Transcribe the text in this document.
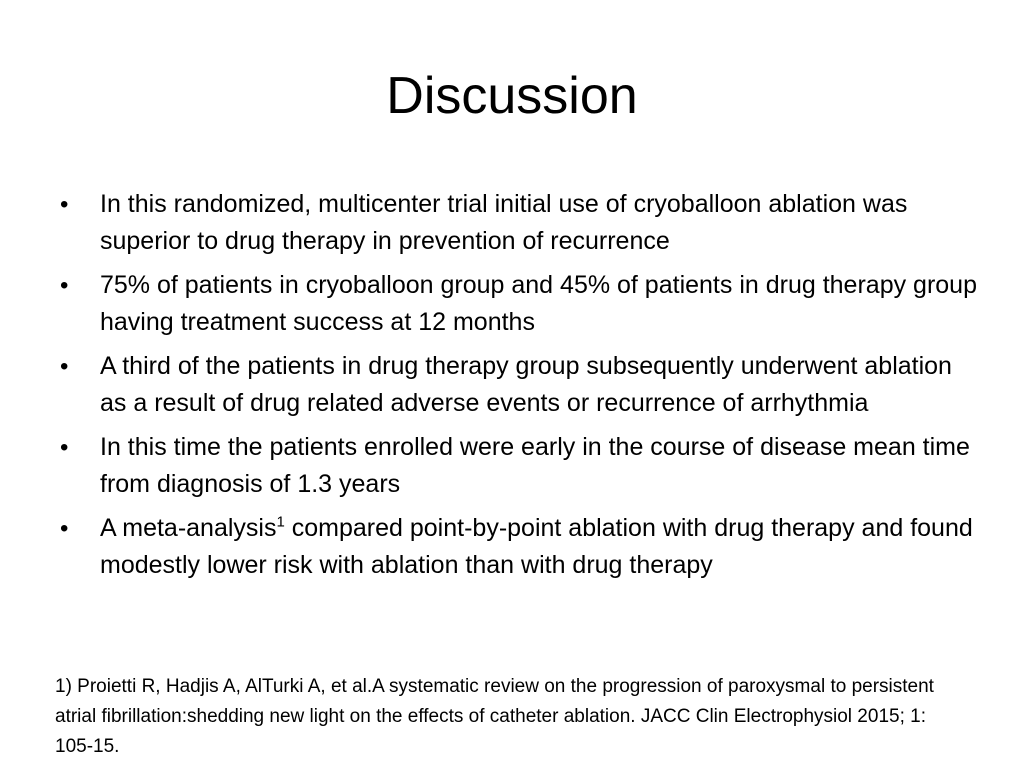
Discussion
•	In this randomized, multicenter trial initial use of cryoballoon ablation was superior to drug therapy in prevention of recurrence
•	75% of patients in cryoballoon group and 45% of patients in drug therapy group having treatment success at 12 months
•	A third of the patients in drug therapy group subsequently underwent ablation as a result of drug related adverse events or recurrence of arrhythmia
•	In this time the patients enrolled were early in the course of disease mean time from diagnosis of 1.3 years
•	A meta-analysis$^1$ compared point-by-point ablation with drug therapy and found modestly lower risk with ablation than with drug therapy
1) Proietti R, Hadjis A, AlTurki A, et al.A systematic review on the progression of paroxysmal to persistent atrial fibrillation:shedding new light on the effects of catheter ablation. JACC Clin Electrophysiol 2015; 1: 105-15.
